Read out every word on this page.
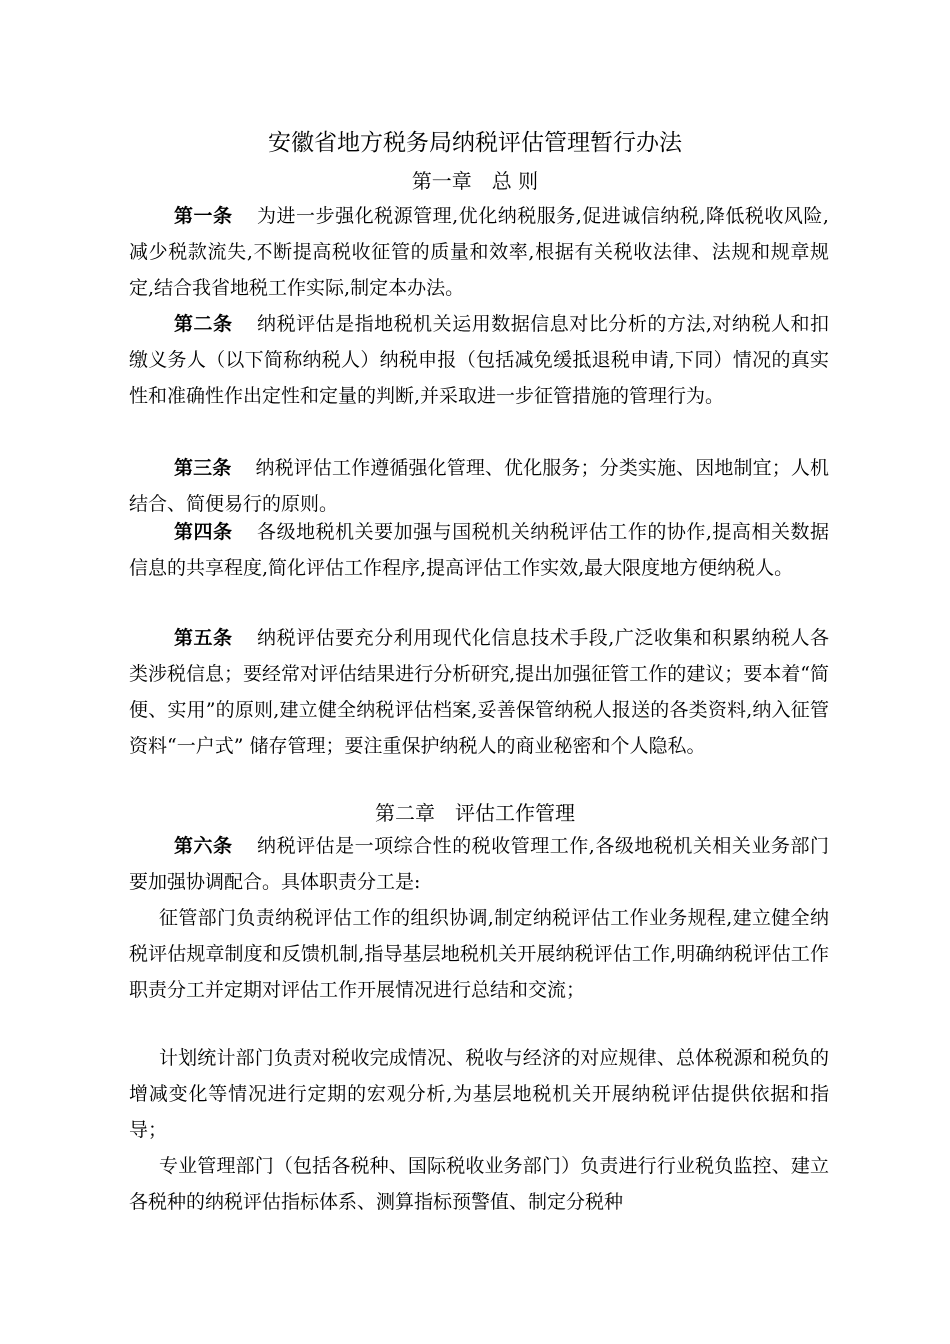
安徽省地方税务局纳税评估管理暂行办法
第一章　总 则
第一条 为进一步强化税源管理,优化纳税服务,促进诚信纳税,降低税收风险,减少税款流失,不断提高税收征管的质量和效率,根据有关税收法律、法规和规章规定,结合我省地税工作实际,制定本办法。
第二条 纳税评估是指地税机关运用数据信息对比分析的方法,对纳税人和扣缴义务人（以下简称纳税人）纳税申报（包括减免缓抵退税申请,下同）情况的真实性和准确性作出定性和定量的判断,并采取进一步征管措施的管理行为。
第三条 纳税评估工作遵循强化管理、优化服务；分类实施、因地制宜；人机结合、简便易行的原则。
第四条 各级地税机关要加强与国税机关纳税评估工作的协作,提高相关数据信息的共享程度,简化评估工作程序,提高评估工作实效,最大限度地方便纳税人。
第五条 纳税评估要充分利用现代化信息技术手段,广泛收集和积累纳税人各类涉税信息；要经常对评估结果进行分析研究,提出加强征管工作的建议；要本着“简便、实用”的原则,建立健全纳税评估档案,妥善保管纳税人报送的各类资料,纳入征管资料“一户式” 储存管理；要注重保护纳税人的商业秘密和个人隐私。
第二章　评估工作管理
第六条 纳税评估是一项综合性的税收管理工作,各级地税机关相关业务部门要加强协调配合。具体职责分工是:
征管部门负责纳税评估工作的组织协调,制定纳税评估工作业务规程,建立健全纳税评估规章制度和反馈机制,指导基层地税机关开展纳税评估工作,明确纳税评估工作职责分工并定期对评估工作开展情况进行总结和交流；
计划统计部门负责对税收完成情况、税收与经济的对应规律、总体税源和税负的增减变化等情况进行定期的宏观分析,为基层地税机关开展纳税评估提供依据和指导；
专业管理部门（包括各税种、国际税收业务部门）负责进行行业税负监控、建立各税种的纳税评估指标体系、测算指标预警值、制定分税种
